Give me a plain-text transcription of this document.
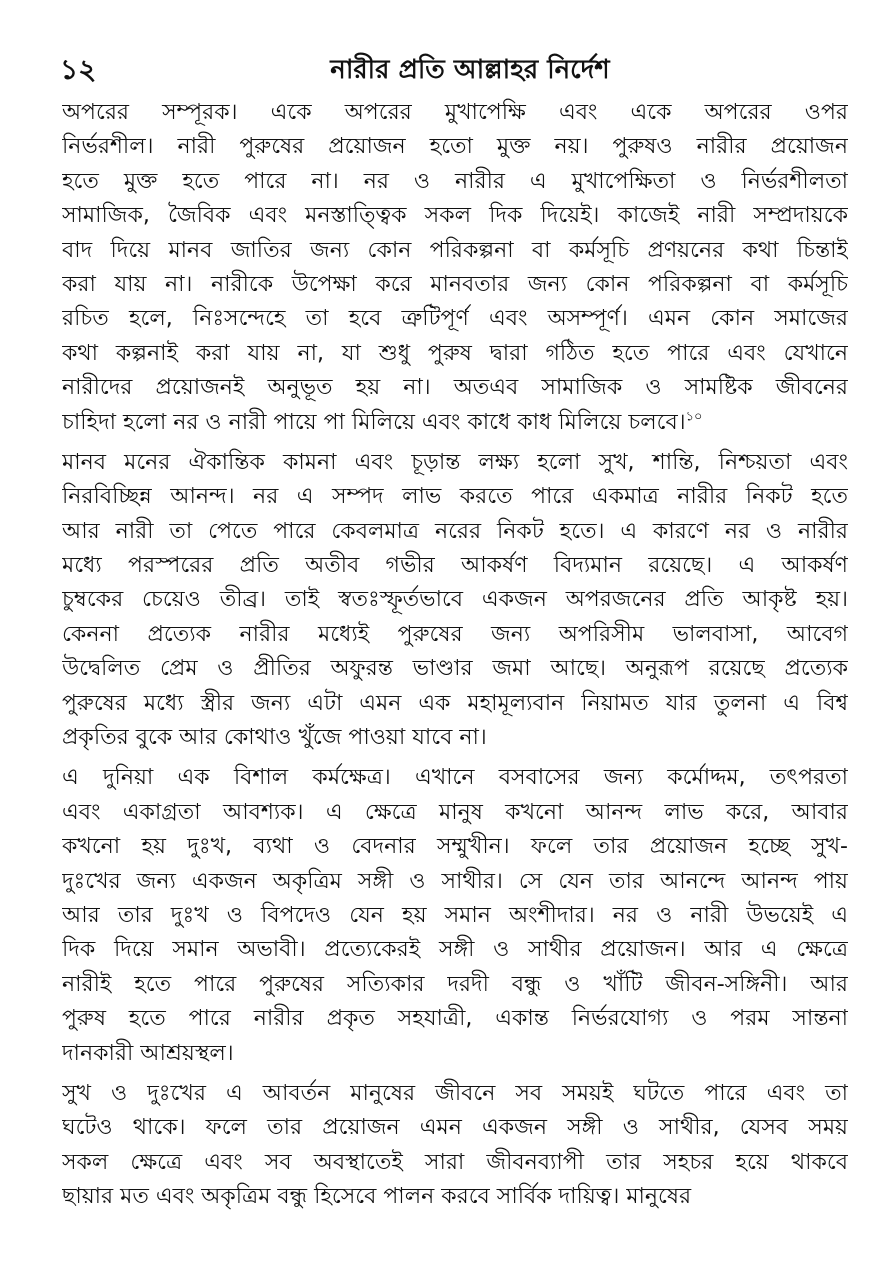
১২	নারীর প্রতি আল্লাহর নির্দেশ
অপরের সম্পূরক। একে অপরের মুখাপেক্ষি এবং একে অপরের ওপর
নির্ভরশীল। নারী পুরুষের প্রয়োজন হতো মুক্ত নয়। পুরুষও নারীর প্রয়োজন
হতে মুক্ত হতে পারে না। নর ও নারীর এ মুখাপেক্ষিতা ও নির্ভরশীলতা
সামাজিক, জৈবিক এবং মনস্তাত্ত্বিক সকল দিক দিয়েই। কাজেই নারী সম্প্রদায়কে
বাদ দিয়ে মানব জাতির জন্য কোন পরিকল্পনা বা কর্মসূচি প্রণয়নের কথা চিন্তাই
করা যায় না। নারীকে উপেক্ষা করে মানবতার জন্য কোন পরিকল্পনা বা কর্মসূচি
রচিত হলে, নিঃসন্দেহে তা হবে ত্রুটিপূর্ণ এবং অসম্পূর্ণ। এমন কোন সমাজের
কথা কল্পনাই করা যায় না, যা শুধু পুরুষ দ্বারা গঠিত হতে পারে এবং যেখানে
নারীদের প্রয়োজনই অনুভূত হয় না। অতএব সামাজিক ও সামষ্টিক জীবনের
চাহিদা হলো নর ও নারী পায়ে পা মিলিয়ে এবং কাধে কাধ মিলিয়ে চলবে।$^{১০}$
মানব মনের ঐকান্তিক কামনা এবং চূড়ান্ত লক্ষ্য হলো সুখ, শান্তি, নিশ্চয়তা এবং
নিরবিচ্ছিন্ন আনন্দ। নর এ সম্পদ লাভ করতে পারে একমাত্র নারীর নিকট হতে
আর নারী তা পেতে পারে কেবলমাত্র নরের নিকট হতে। এ কারণে নর ও নারীর
মধ্যে পরস্পরের প্রতি অতীব গভীর আকর্ষণ বিদ্যমান রয়েছে। এ আকর্ষণ
চুম্বকের চেয়েও তীব্র। তাই স্বতঃস্ফূর্তভাবে একজন অপরজনের প্রতি আকৃষ্ট হয়।
কেননা প্রত্যেক নারীর মধ্যেই পুরুষের জন্য অপরিসীম ভালবাসা, আবেগ
উদ্বেলিত প্রেম ও প্রীতির অফুরন্ত ভাণ্ডার জমা আছে। অনুরূপ রয়েছে প্রত্যেক
পুরুষের মধ্যে স্ত্রীর জন্য এটা এমন এক মহামূল্যবান নিয়ামত যার তুলনা এ বিশ্ব
প্রকৃতির বুকে আর কোথাও খুঁজে পাওয়া যাবে না।
এ দুনিয়া এক বিশাল কর্মক্ষেত্র। এখানে বসবাসের জন্য কর্মোদ্দম, তৎপরতা
এবং একাগ্রতা আবশ্যক। এ ক্ষেত্রে মানুষ কখনো আনন্দ লাভ করে, আবার
কখনো হয় দুঃখ, ব্যথা ও বেদনার সম্মুখীন। ফলে তার প্রয়োজন হচ্ছে সুখ-
দুঃখের জন্য একজন অকৃত্রিম সঙ্গী ও সাথীর। সে যেন তার আনন্দে আনন্দ পায়
আর তার দুঃখ ও বিপদেও যেন হয় সমান অংশীদার। নর ও নারী উভয়েই এ
দিক দিয়ে সমান অভাবী। প্রত্যেকেরই সঙ্গী ও সাথীর প্রয়োজন। আর এ ক্ষেত্রে
নারীই হতে পারে পুরুষের সত্যিকার দরদী বন্ধু ও খাঁটি জীবন-সঙ্গিনী। আর
পুরুষ হতে পারে নারীর প্রকৃত সহযাত্রী, একান্ত নির্ভরযোগ্য ও পরম সান্তনা
দানকারী আশ্রয়স্থল।
সুখ ও দুঃখের এ আবর্তন মানুষের জীবনে সব সময়ই ঘটতে পারে এবং তা
ঘটেও থাকে। ফলে তার প্রয়োজন এমন একজন সঙ্গী ও সাথীর, যেসব সময়
সকল ক্ষেত্রে এবং সব অবস্থাতেই সারা জীবনব্যাপী তার সহচর হয়ে থাকবে
ছায়ার মত এবং অকৃত্রিম বন্ধু হিসেবে পালন করবে সার্বিক দায়িত্ব। মানুষের
